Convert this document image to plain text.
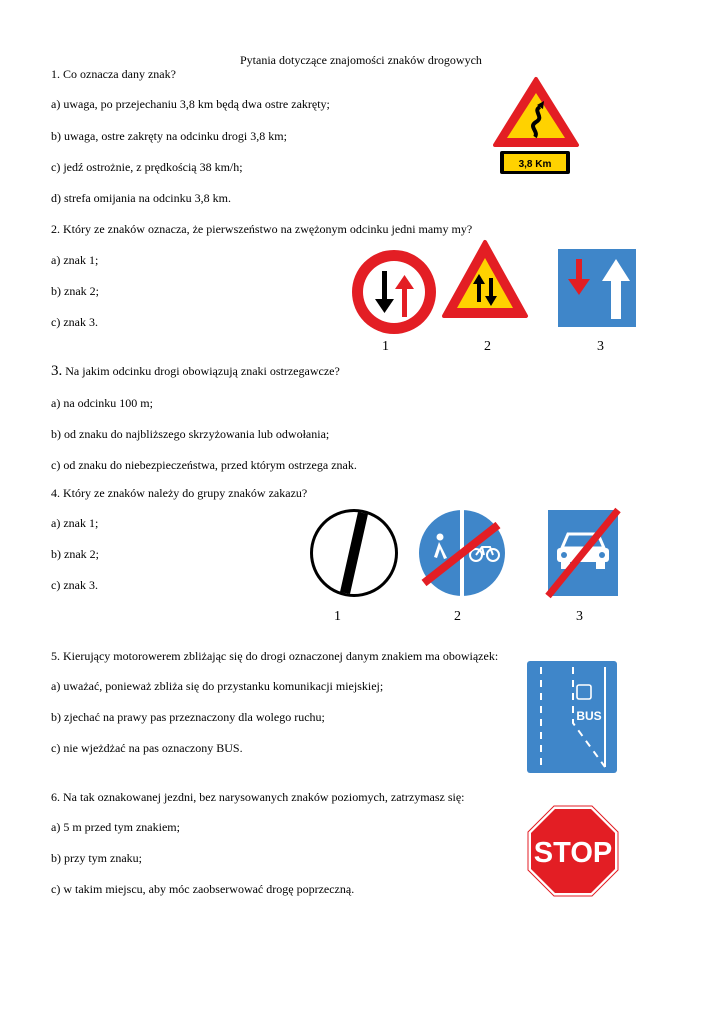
Pytania dotyczące znajomości znaków drogowych
1. Co oznacza dany znak?
a) uwaga, po przejechaniu 3,8 km będą dwa ostre zakręty;
b) uwaga, ostre zakręty na odcinku drogi 3,8 km;
c) jedź ostrożnie, z prędkością 38 km/h;
d) strefa omijania na odcinku 3,8 km.
3,8 Km
2. Który ze znaków oznacza, że pierwszeństwo na zwężonym odcinku jedni mamy my?
a) znak 1;
b) znak 2;
c) znak 3.
1	2	3
3. Na jakim odcinku drogi obowiązują znaki ostrzegawcze?
a) na odcinku 100 m;
b) od znaku do najbliższego skrzyżowania lub odwołania;
c) od znaku do niebezpieczeństwa, przed którym ostrzega znak.
4. Który ze znaków należy do grupy znaków zakazu?
a) znak 1;
b) znak 2;
c) znak 3.
1	2	3
5. Kierujący motorowerem zbliżając się do drogi oznaczonej danym znakiem ma obowiązek:
a) uważać, ponieważ zbliża się do przystanku komunikacji miejskiej;
b) zjechać na prawy pas przeznaczony dla wolego ruchu;
c) nie wjeżdżać na pas oznaczony BUS.
BUS
6. Na tak oznakowanej jezdni, bez narysowanych znaków poziomych, zatrzymasz się:
a) 5 m przed tym znakiem;
b) przy tym znaku;
c) w takim miejscu, aby móc zaobserwować drogę poprzeczną.
STOP
